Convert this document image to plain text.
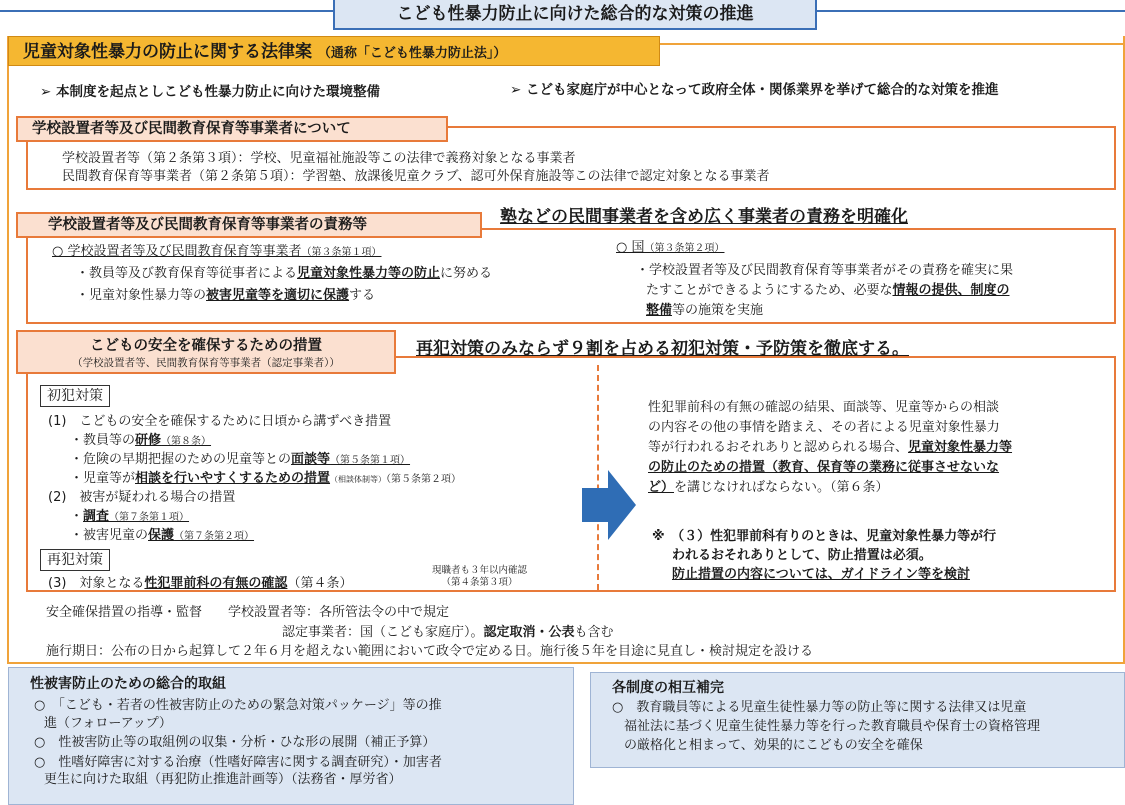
こども性暴力防止に向けた総合的な対策の推進
児童対象性暴力の防止に関する法律案 （通称「こども性暴力防止法」）
➢ 本制度を起点としこども性暴力防止に向けた環境整備	➢ こども家庭庁が中心となって政府全体・関係業界を挙げて総合的な対策を推進
学校設置者等及び民間教育保育等事業者について
学校設置者等（第２条第３項）：学校、児童福祉施設等この法律で義務対象となる事業者
民間教育保育等事業者（第２条第５項）：学習塾、放課後児童クラブ、認可外保育施設等この法律で認定対象となる事業者
塾などの民間事業者を含め広く事業者の責務を明確化
学校設置者等及び民間教育保育等事業者の責務等
○ 学校設置者等及び民間教育保育等事業者（第３条第１項）
・教員等及び教育保育等従事者による児童対象性暴力等の防止に努める
・児童対象性暴力等の被害児童等を適切に保護する
○ 国（第３条第２項）
・学校設置者等及び民間教育保育等事業者がその責務を確実に果
たすことができるようにするため、必要な情報の提供、制度の
整備等の施策を実施
再犯対策のみならず９割を占める初犯対策・予防策を徹底する。
こどもの安全を確保するための措置
（学校設置者等、民間教育保育等事業者（認定事業者））
初犯対策
(1)　こどもの安全を確保するために日頃から講ずべき措置
・教員等の研修（第８条）
・危険の早期把握のための児童等との面談等（第５条第１項）
・児童等が相談を行いやすくするための措置（相談体制等）（第５条第２項）
(2)　被害が疑われる場合の措置
・調査（第７条第１項）
・被害児童の保護（第７条第２項）
再犯対策
(3)　対象となる性犯罪前科の有無の確認（第４条）
現職者も３年以内確認
（第４条第３項）
性犯罪前科の有無の確認の結果、面談等、児童等からの相談
の内容その他の事情を踏まえ、その者による児童対象性暴力
等が行われるおそれありと認められる場合、児童対象性暴力等
の防止のための措置（教育、保育等の業務に従事させないな
ど）を講じなければならない。（第６条）
※　（３）性犯罪前科有りのときは、児童対象性暴力等が行
われるおそれありとして、防止措置は必須。
防止措置の内容については、ガイドライン等を検討
安全確保措置の指導・監督　　学校設置者等：各所管法令の中で規定
認定事業者：国（こども家庭庁）。認定取消・公表も含む
施行期日：公布の日から起算して２年６月を超えない範囲において政令で定める日。施行後５年を目途に見直し・検討規定を設ける
性被害防止のための総合的取組
○　「こども・若者の性被害防止のための緊急対策パッケージ」等の推
進（フォローアップ）
○　性被害防止等の取組例の収集・分析・ひな形の展開（補正予算）
○　性嗜好障害に対する治療（性嗜好障害に関する調査研究）・加害者
更生に向けた取組（再犯防止推進計画等）（法務省・厚労省）
各制度の相互補完
○　教育職員等による児童生徒性暴力等の防止等に関する法律又は児童
福祉法に基づく児童生徒性暴力等を行った教育職員や保育士の資格管理
の厳格化と相まって、効果的にこどもの安全を確保
